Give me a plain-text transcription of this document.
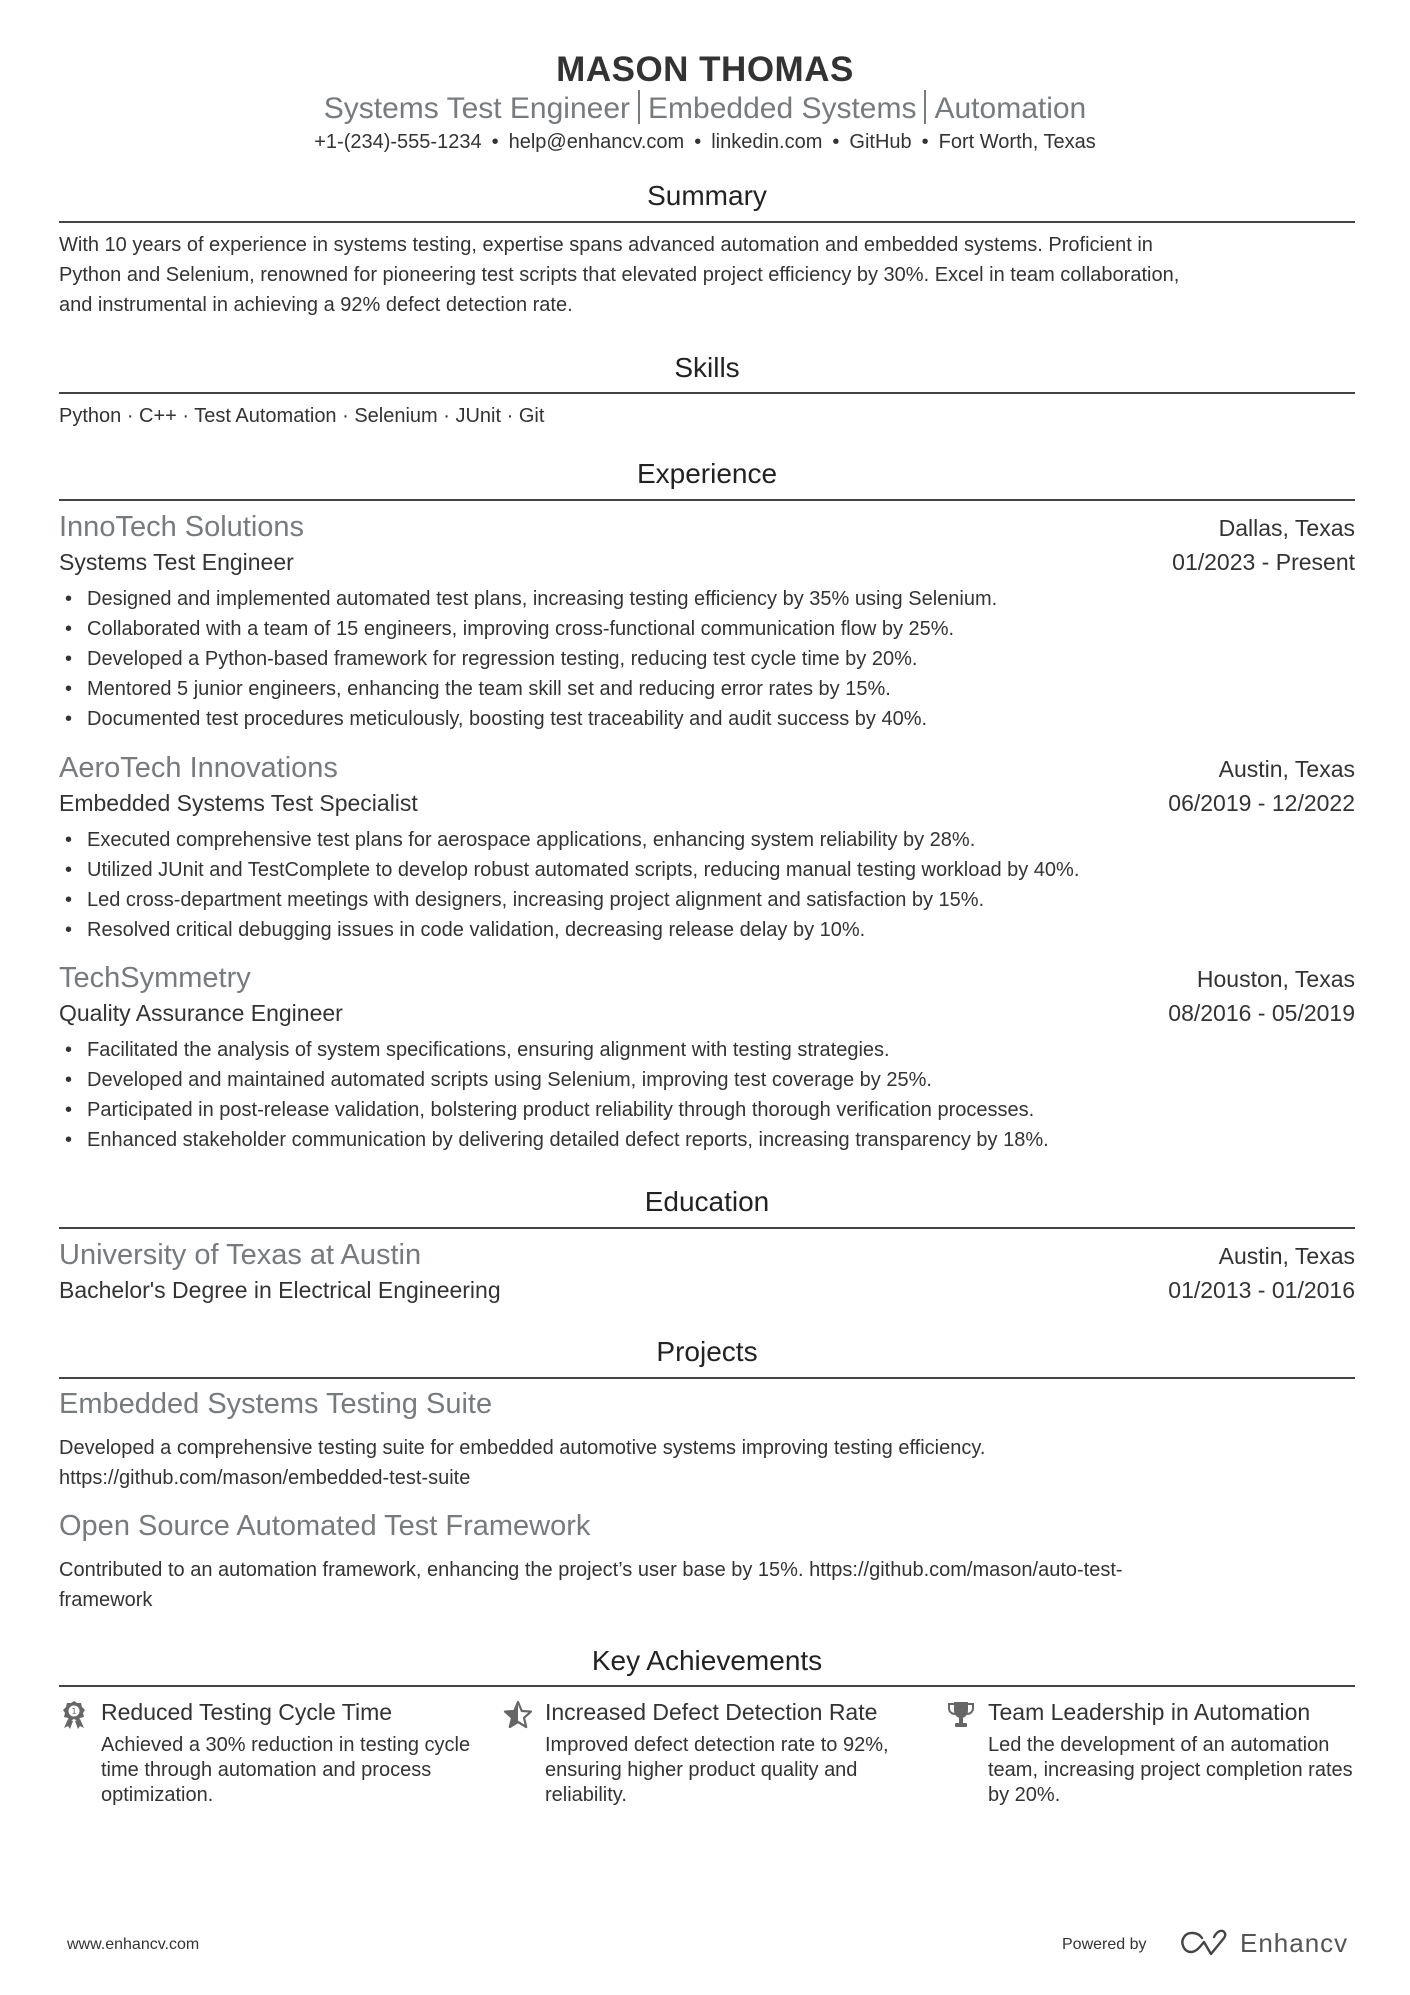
MASON THOMAS
Systems Test Engineer Embedded Systems Automation
+1-(234)-555-1234 • help@enhancv.com • linkedin.com • GitHub • Fort Worth, Texas
Summary
With 10 years of experience in systems testing, expertise spans advanced automation and embedded systems. Proficient in
Python and Selenium, renowned for pioneering test scripts that elevated project efficiency by 30%. Excel in team collaboration,
and instrumental in achieving a 92% defect detection rate.
Skills
Python · C++ · Test Automation · Selenium · JUnit · Git
Experience
InnoTech Solutions	Dallas, Texas
Systems Test Engineer	01/2023 - Present
• Designed and implemented automated test plans, increasing testing efficiency by 35% using Selenium.
• Collaborated with a team of 15 engineers, improving cross-functional communication flow by 25%.
• Developed a Python-based framework for regression testing, reducing test cycle time by 20%.
• Mentored 5 junior engineers, enhancing the team skill set and reducing error rates by 15%.
• Documented test procedures meticulously, boosting test traceability and audit success by 40%.
AeroTech Innovations	Austin, Texas
Embedded Systems Test Specialist	06/2019 - 12/2022
• Executed comprehensive test plans for aerospace applications, enhancing system reliability by 28%.
• Utilized JUnit and TestComplete to develop robust automated scripts, reducing manual testing workload by 40%.
• Led cross-department meetings with designers, increasing project alignment and satisfaction by 15%.
• Resolved critical debugging issues in code validation, decreasing release delay by 10%.
TechSymmetry	Houston, Texas
Quality Assurance Engineer	08/2016 - 05/2019
• Facilitated the analysis of system specifications, ensuring alignment with testing strategies.
• Developed and maintained automated scripts using Selenium, improving test coverage by 25%.
• Participated in post-release validation, bolstering product reliability through thorough verification processes.
• Enhanced stakeholder communication by delivering detailed defect reports, increasing transparency by 18%.
Education
University of Texas at Austin	Austin, Texas
Bachelor's Degree in Electrical Engineering	01/2013 - 01/2016
Projects
Embedded Systems Testing Suite
Developed a comprehensive testing suite for embedded automotive systems improving testing efficiency.
https://github.com/mason/embedded-test-suite
Open Source Automated Test Framework
Contributed to an automation framework, enhancing the project’s user base by 15%. https://github.com/mason/auto-test-
framework
Key Achievements
1 Reduced Testing Cycle Time
Achieved a 30% reduction in testing cycle time through automation and process optimization.
Increased Defect Detection Rate
Improved defect detection rate to 92%, ensuring higher product quality and reliability.
Team Leadership in Automation
Led the development of an automation team, increasing project completion rates by 20%.
www.enhancv.com	Powered by	Enhancv
